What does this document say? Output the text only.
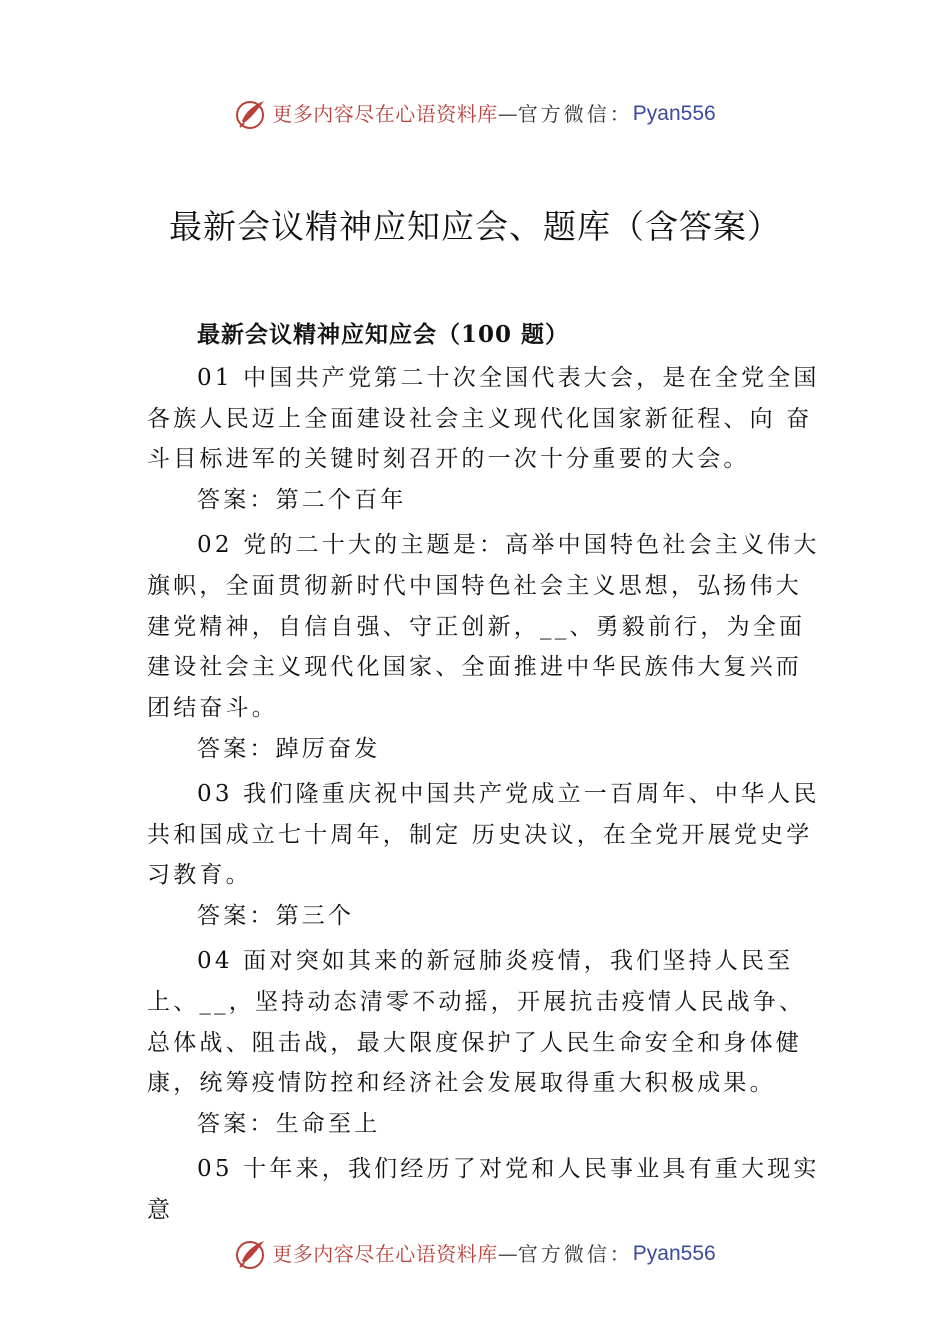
更多内容尽在心语资料库 — 官方微信： Pyan556
最新会议精神应知应会、题库（含答案）
最新会议精神应知应会（100 题）
01 中国共产党第二十次全国代表大会，是在全党全国各族人民迈上全面建设社会主义现代化国家新征程、向 奋斗目标进军的关键时刻召开的一次十分重要的大会。
答案：第二个百年
02 党的二十大的主题是：高举中国特色社会主义伟大旗帜，全面贯彻新时代中国特色社会主义思想，弘扬伟大建党精神，自信自强、守正创新，__、勇毅前行，为全面建设社会主义现代化国家、全面推进中华民族伟大复兴而团结奋斗。
答案：踔厉奋发
03 我们隆重庆祝中国共产党成立一百周年、中华人民共和国成立七十周年，制定 历史决议，在全党开展党史学习教育。
答案：第三个
04 面对突如其来的新冠肺炎疫情，我们坚持人民至上、__，坚持动态清零不动摇，开展抗击疫情人民战争、总体战、阻击战，最大限度保护了人民生命安全和身体健康，统筹疫情防控和经济社会发展取得重大积极成果。
答案：生命至上
05 十年来，我们经历了对党和人民事业具有重大现实意
更多内容尽在心语资料库 — 官方微信： Pyan556
